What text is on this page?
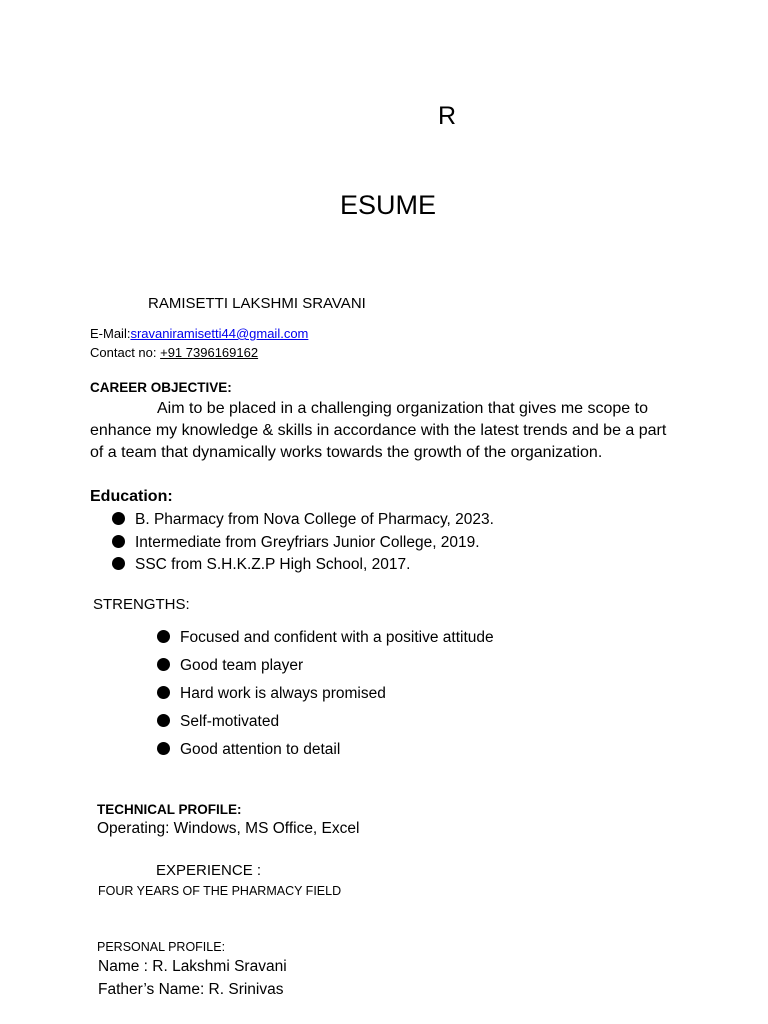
R
ESUME
RAMISETTI LAKSHMI SRAVANI
E-Mail:sravaniramisetti44@gmail.com
Contact no: +91 7396169162
CAREER OBJECTIVE:
Aim to be placed in a challenging organization that gives me scope to enhance my knowledge & skills in accordance with the latest trends and be a part of a team that dynamically works towards the growth of the organization.
Education:
B. Pharmacy from Nova College of Pharmacy, 2023.
Intermediate from Greyfriars Junior College, 2019.
SSC from S.H.K.Z.P High School, 2017.
STRENGTHS:
Focused and confident with a positive attitude
Good team player
Hard work is always promised
Self-motivated
Good attention to detail
TECHNICAL PROFILE:
Operating: Windows, MS Office, Excel
EXPERIENCE :
FOUR YEARS OF THE PHARMACY FIELD
PERSONAL PROFILE:
Name : R. Lakshmi Sravani
Father’s Name: R. Srinivas
